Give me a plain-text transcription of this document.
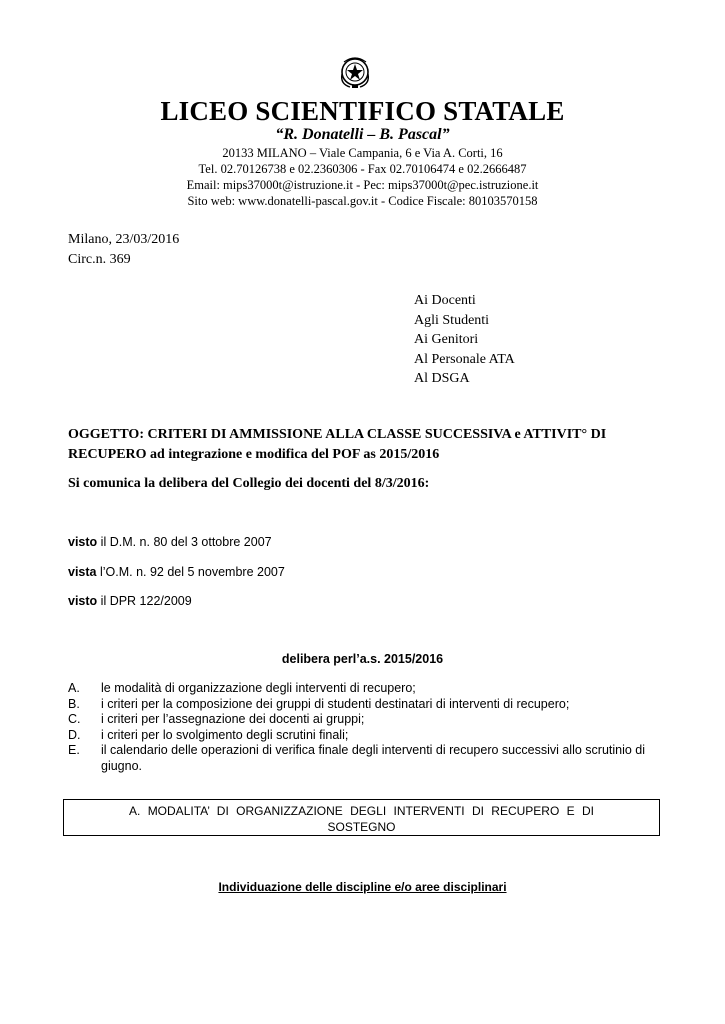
LICEO SCIENTIFICO STATALE
“R. Donatelli – B. Pascal”
20133 MILANO – Viale Campania, 6 e Via A. Corti, 16
Tel. 02.70126738 e 02.2360306 - Fax 02.70106474 e 02.2666487
Email: mips37000t@istruzione.it - Pec: mips37000t@pec.istruzione.it
Sito web: www.donatelli-pascal.gov.it - Codice Fiscale: 80103570158
Milano, 23/03/2016
Circ.n. 369
Ai Docenti
Agli Studenti
Ai Genitori
Al Personale ATA
Al DSGA
OGGETTO: CRITERI DI AMMISSIONE ALLA CLASSE SUCCESSIVA e ATTIVIT° DI RECUPERO ad integrazione e modifica del POF as 2015/2016
Si comunica la delibera del Collegio dei docenti del 8/3/2016:
visto il D.M. n. 80 del 3 ottobre 2007
vista l’O.M. n. 92 del 5 novembre 2007
visto il DPR 122/2009
delibera perl’a.s. 2015/2016
A.	le modalità di organizzazione degli interventi di recupero;
B.	i criteri per la composizione dei gruppi di studenti destinatari di interventi di recupero;
C.	i criteri per l’assegnazione dei docenti ai gruppi;
D.	i criteri per lo svolgimento degli scrutini finali;
E.	il calendario delle operazioni di verifica finale degli interventi di recupero successivi allo scrutinio di giugno.
A. MODALITA’ DI ORGANIZZAZIONE DEGLI INTERVENTI DI RECUPERO E DI SOSTEGNO
Individuazione delle discipline e/o aree disciplinari
